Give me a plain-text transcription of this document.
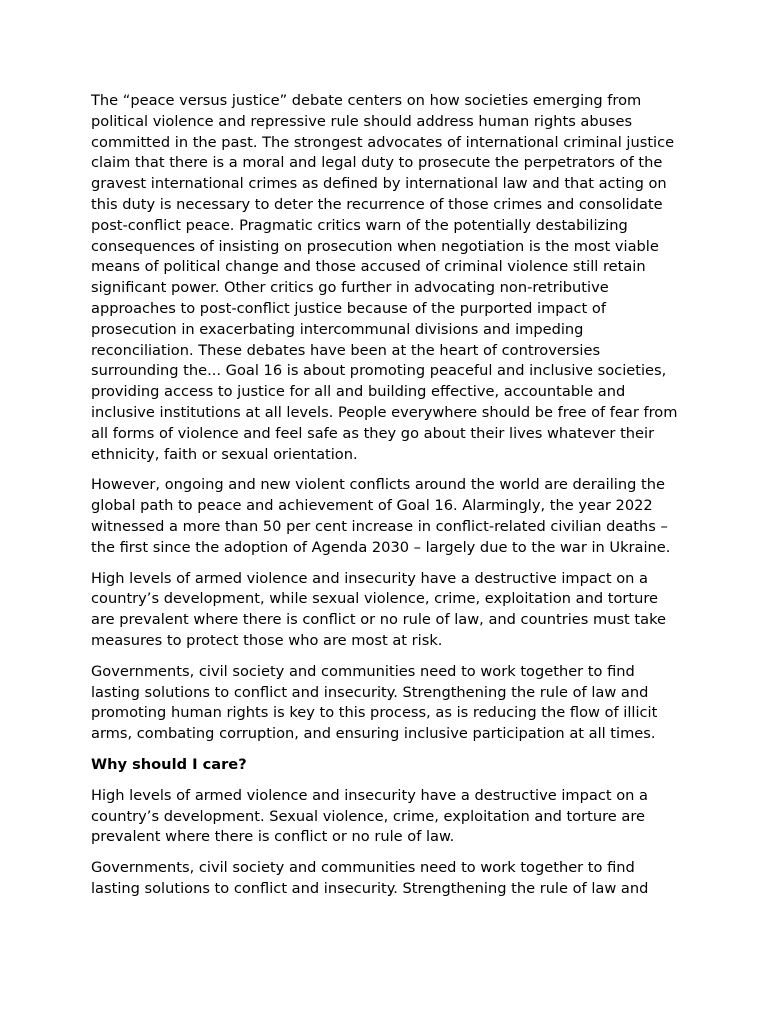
The “peace versus justice” debate centers on how societies emerging from political violence and repressive rule should address human rights abuses committed in the past. The strongest advocates of international criminal justice claim that there is a moral and legal duty to prosecute the perpetrators of the gravest international crimes as defined by international law and that acting on this duty is necessary to deter the recurrence of those crimes and consolidate post-conflict peace. Pragmatic critics warn of the potentially destabilizing consequences of insisting on prosecution when negotiation is the most viable means of political change and those accused of criminal violence still retain significant power. Other critics go further in advocating non-retributive approaches to post-conflict justice because of the purported impact of prosecution in exacerbating intercommunal divisions and impeding reconciliation. These debates have been at the heart of controversies surrounding the... Goal 16 is about promoting peaceful and inclusive societies, providing access to justice for all and building effective, accountable and inclusive institutions at all levels. People everywhere should be free of fear from all forms of violence and feel safe as they go about their lives whatever their ethnicity, faith or sexual orientation.

However, ongoing and new violent conflicts around the world are derailing the global path to peace and achievement of Goal 16. Alarmingly, the year 2022 witnessed a more than 50 per cent increase in conflict-related civilian deaths – the first since the adoption of Agenda 2030 – largely due to the war in Ukraine.

High levels of armed violence and insecurity have a destructive impact on a country’s development, while sexual violence, crime, exploitation and torture are prevalent where there is conflict or no rule of law, and countries must take measures to protect those who are most at risk.

Governments, civil society and communities need to work together to find lasting solutions to conflict and insecurity. Strengthening the rule of law and promoting human rights is key to this process, as is reducing the flow of illicit arms, combating corruption, and ensuring inclusive participation at all times.

Why should I care?

High levels of armed violence and insecurity have a destructive impact on a country’s development. Sexual violence, crime, exploitation and torture are prevalent where there is conflict or no rule of law.

Governments, civil society and communities need to work together to find lasting solutions to conflict and insecurity. Strengthening the rule of law and
